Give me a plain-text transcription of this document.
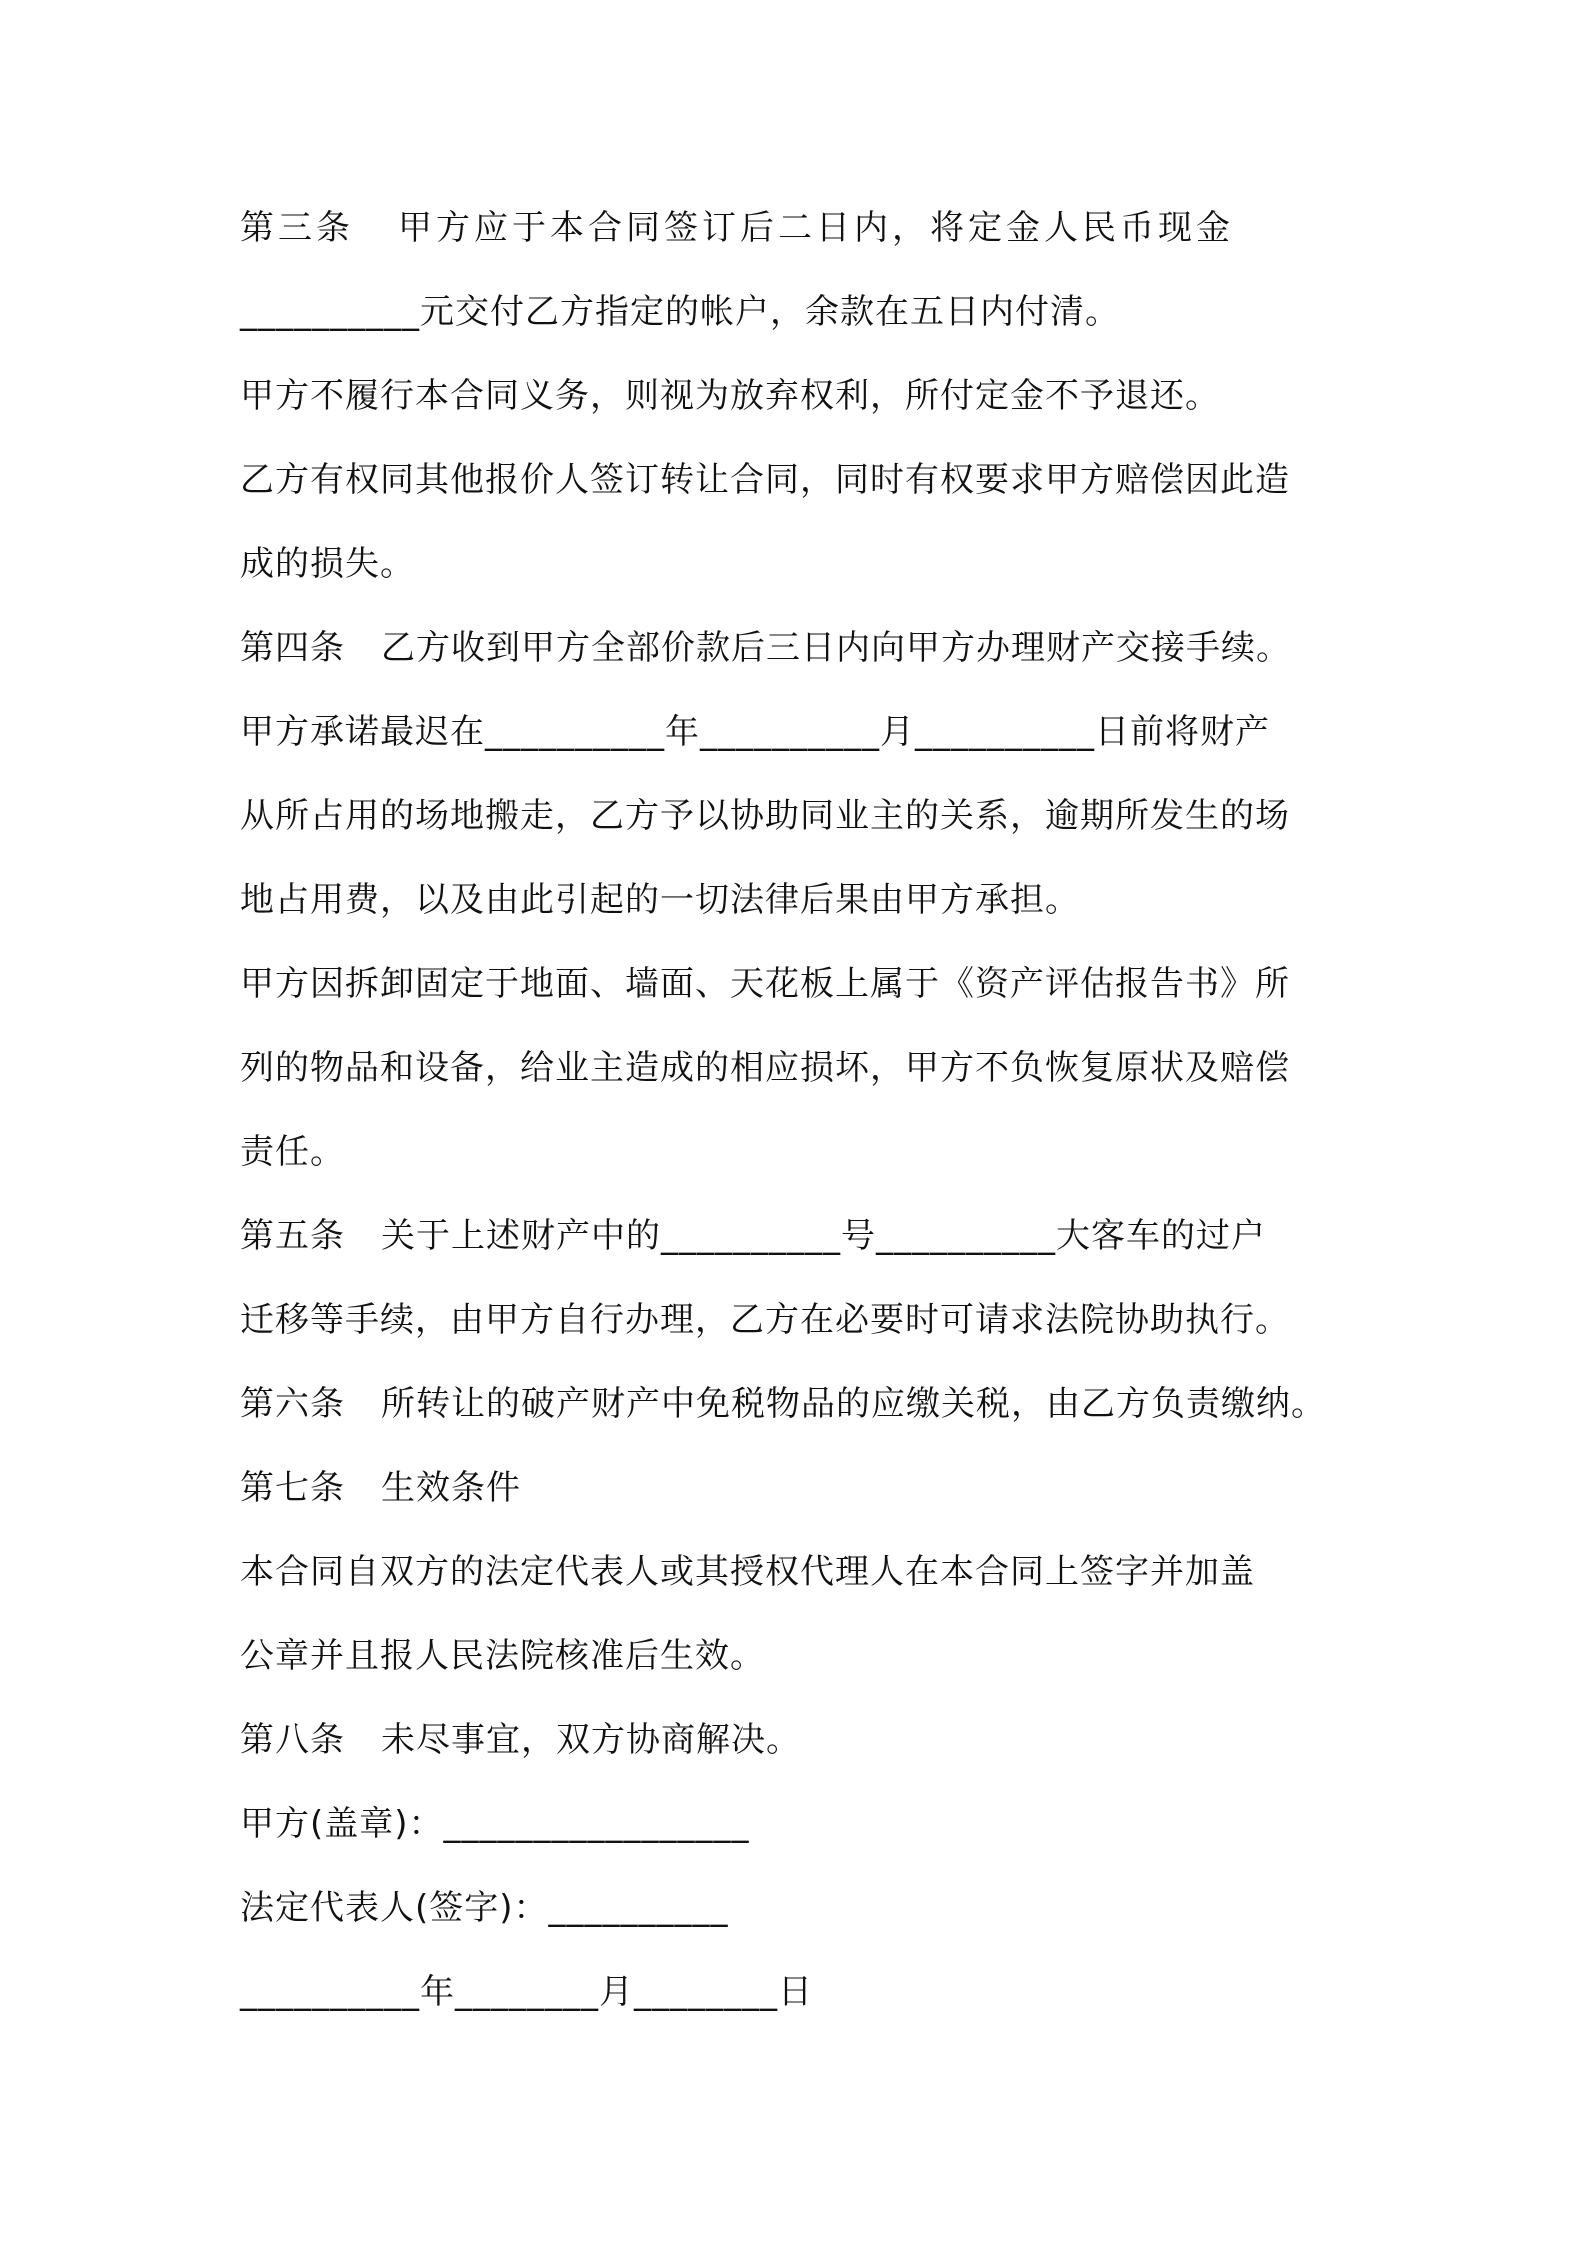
第三条 甲方应于本合同签订后二日内，将定金人民币现金
__________元交付乙方指定的帐户，余款在五日内付清。
甲方不履行本合同义务，则视为放弃权利，所付定金不予退还。
乙方有权同其他报价人签订转让合同，同时有权要求甲方赔偿因此造
成的损失。
第四条 乙方收到甲方全部价款后三日内向甲方办理财产交接手续。
甲方承诺最迟在__________年__________月__________日前将财产
从所占用的场地搬走，乙方予以协助同业主的关系，逾期所发生的场
地占用费，以及由此引起的一切法律后果由甲方承担。
甲方因拆卸固定于地面、墙面、天花板上属于《资产评估报告书》所
列的物品和设备，给业主造成的相应损坏，甲方不负恢复原状及赔偿
责任。
第五条 关于上述财产中的__________号__________大客车的过户
迁移等手续，由甲方自行办理，乙方在必要时可请求法院协助执行。
第六条 所转让的破产财产中免税物品的应缴关税，由乙方负责缴纳。
第七条 生效条件
本合同自双方的法定代表人或其授权代理人在本合同上签字并加盖
公章并且报人民法院核准后生效。
第八条 未尽事宜，双方协商解决。
甲方(盖章)：_________________
法定代表人(签字)：__________
__________年________月________日
